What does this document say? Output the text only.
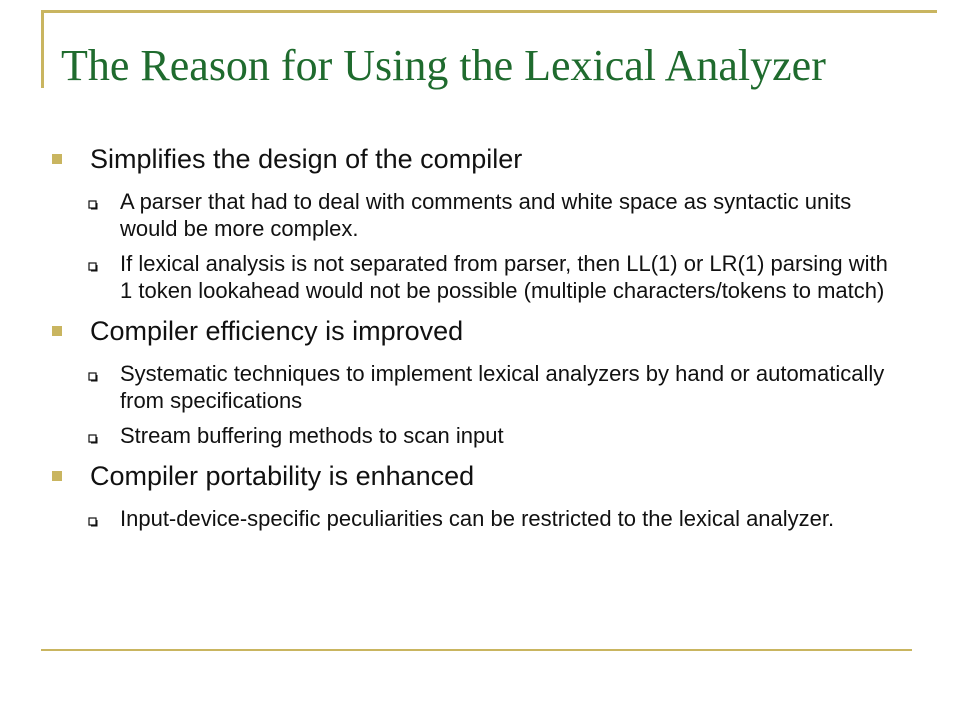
The Reason for Using the Lexical Analyzer
Simplifies the design of the compiler
A parser that had to deal with comments and white space as syntactic units would be more complex.
If lexical analysis is not separated from parser, then LL(1) or LR(1) parsing with 1 token lookahead would not be possible (multiple characters/tokens to match)
Compiler efficiency is improved
Systematic techniques to implement lexical analyzers by hand or automatically from specifications
Stream buffering methods to scan input
Compiler portability is enhanced
Input-device-specific peculiarities can be restricted to the lexical analyzer.
